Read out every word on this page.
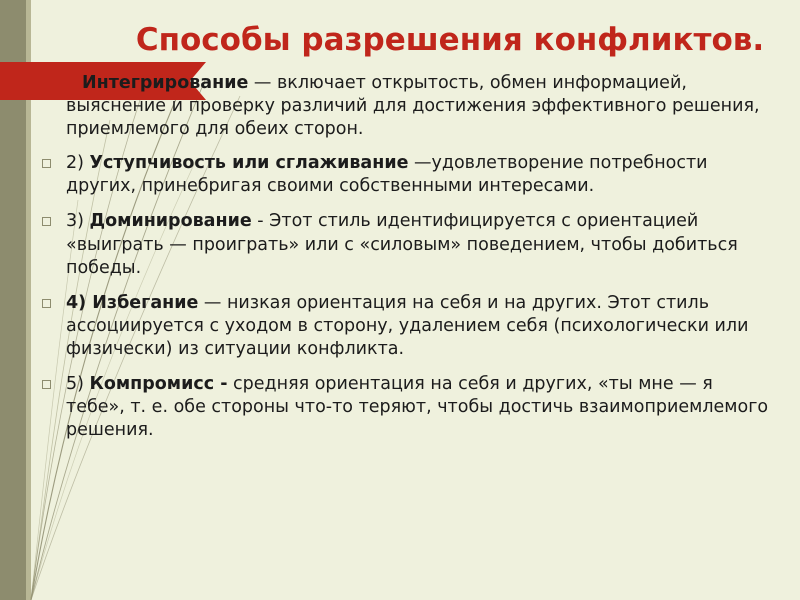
Способы разрешения конфликтов.

Интегрирование — включает открытость, обмен информацией, выяснение и проверку различий для достижения эффективного решения, приемлемого для обеих сторон.

2) Уступчивость или сглаживание —удовлетворение потребности других, принебригая своими собственными интересами.

3) Доминирование - Этот стиль идентифицируется с ориентацией «выиграть — проиграть» или с «силовым» поведением, чтобы добиться победы.

4) Избегание — низкая ориентация на себя и на других. Этот стиль ассоциируется с уходом в сторону, удалением себя (психологически или физически) из ситуации конфликта.

5) Компромисс - средняя ориентация на себя и других, «ты мне — я тебе», т. е. обе стороны что-то теряют, чтобы достичь взаимоприемлемого решения.
